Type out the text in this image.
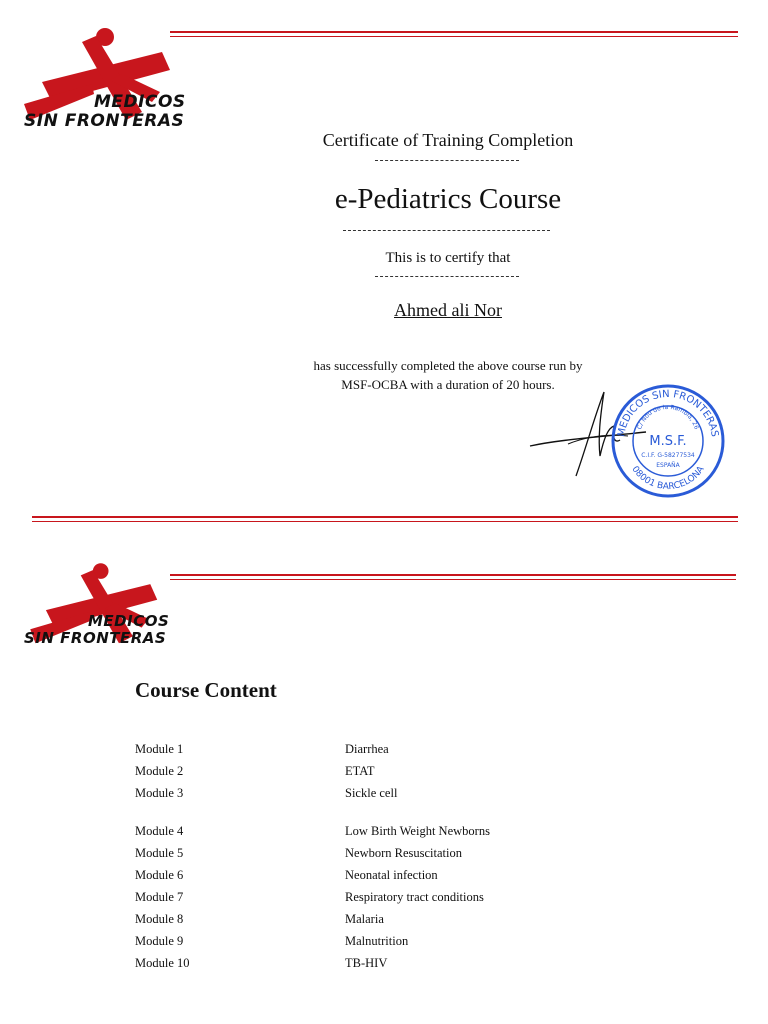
MEDICOS
SIN FRONTERAS
Certificate of Training Completion
e-Pediatrics Course
This is to certify that
Ahmed ali Nor
has successfully completed the above course run by
MSF-OCBA with a duration of 20 hours.
MEDICOS SIN FRONTERAS
08001 BARCELONA
C/ Nou de la Rambla, 26
M.S.F.
C.I.F. G-58277534
ESPAÑA
MEDICOS
SIN FRONTERAS
Course Content
Module 1	Diarrhea
Module 2	ETAT
Module 3	Sickle cell
Module 4	Low Birth Weight Newborns
Module 5	Newborn Resuscitation
Module 6	Neonatal infection
Module 7	Respiratory tract conditions
Module 8	Malaria
Module 9	Malnutrition
Module 10	TB-HIV
